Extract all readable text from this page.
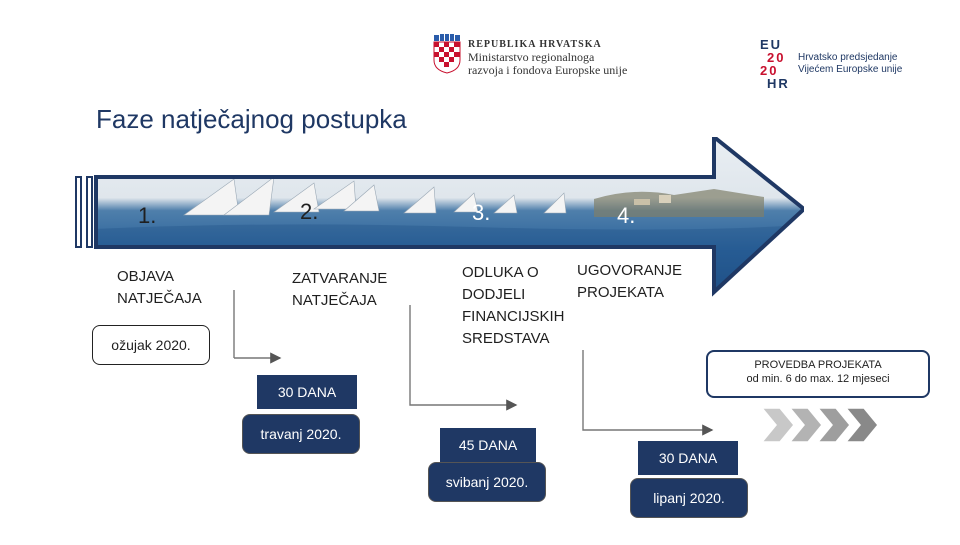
REPUBLIKA HRVATSKA
Ministarstvo regionalnoga
razvoja i fondova Europske unije
E U
2 0
2 0
H R
Hrvatsko predsjedanje
Vijećem Europske unije
Faze natječajnog postupka
1.	2.	3.	4.
OBJAVA
NATJEČAJA
ZATVARANJE
NATJEČAJA
ODLUKA O
DODJELI
FINANCIJSKIH
SREDSTAVA
UGOVORANJE
PROJEKATA
ožujak 2020.
30 DANA
travanj 2020.
45 DANA
svibanj 2020.
30 DANA
lipanj 2020.
PROVEDBA PROJEKATA
od min. 6 do max. 12 mjeseci
